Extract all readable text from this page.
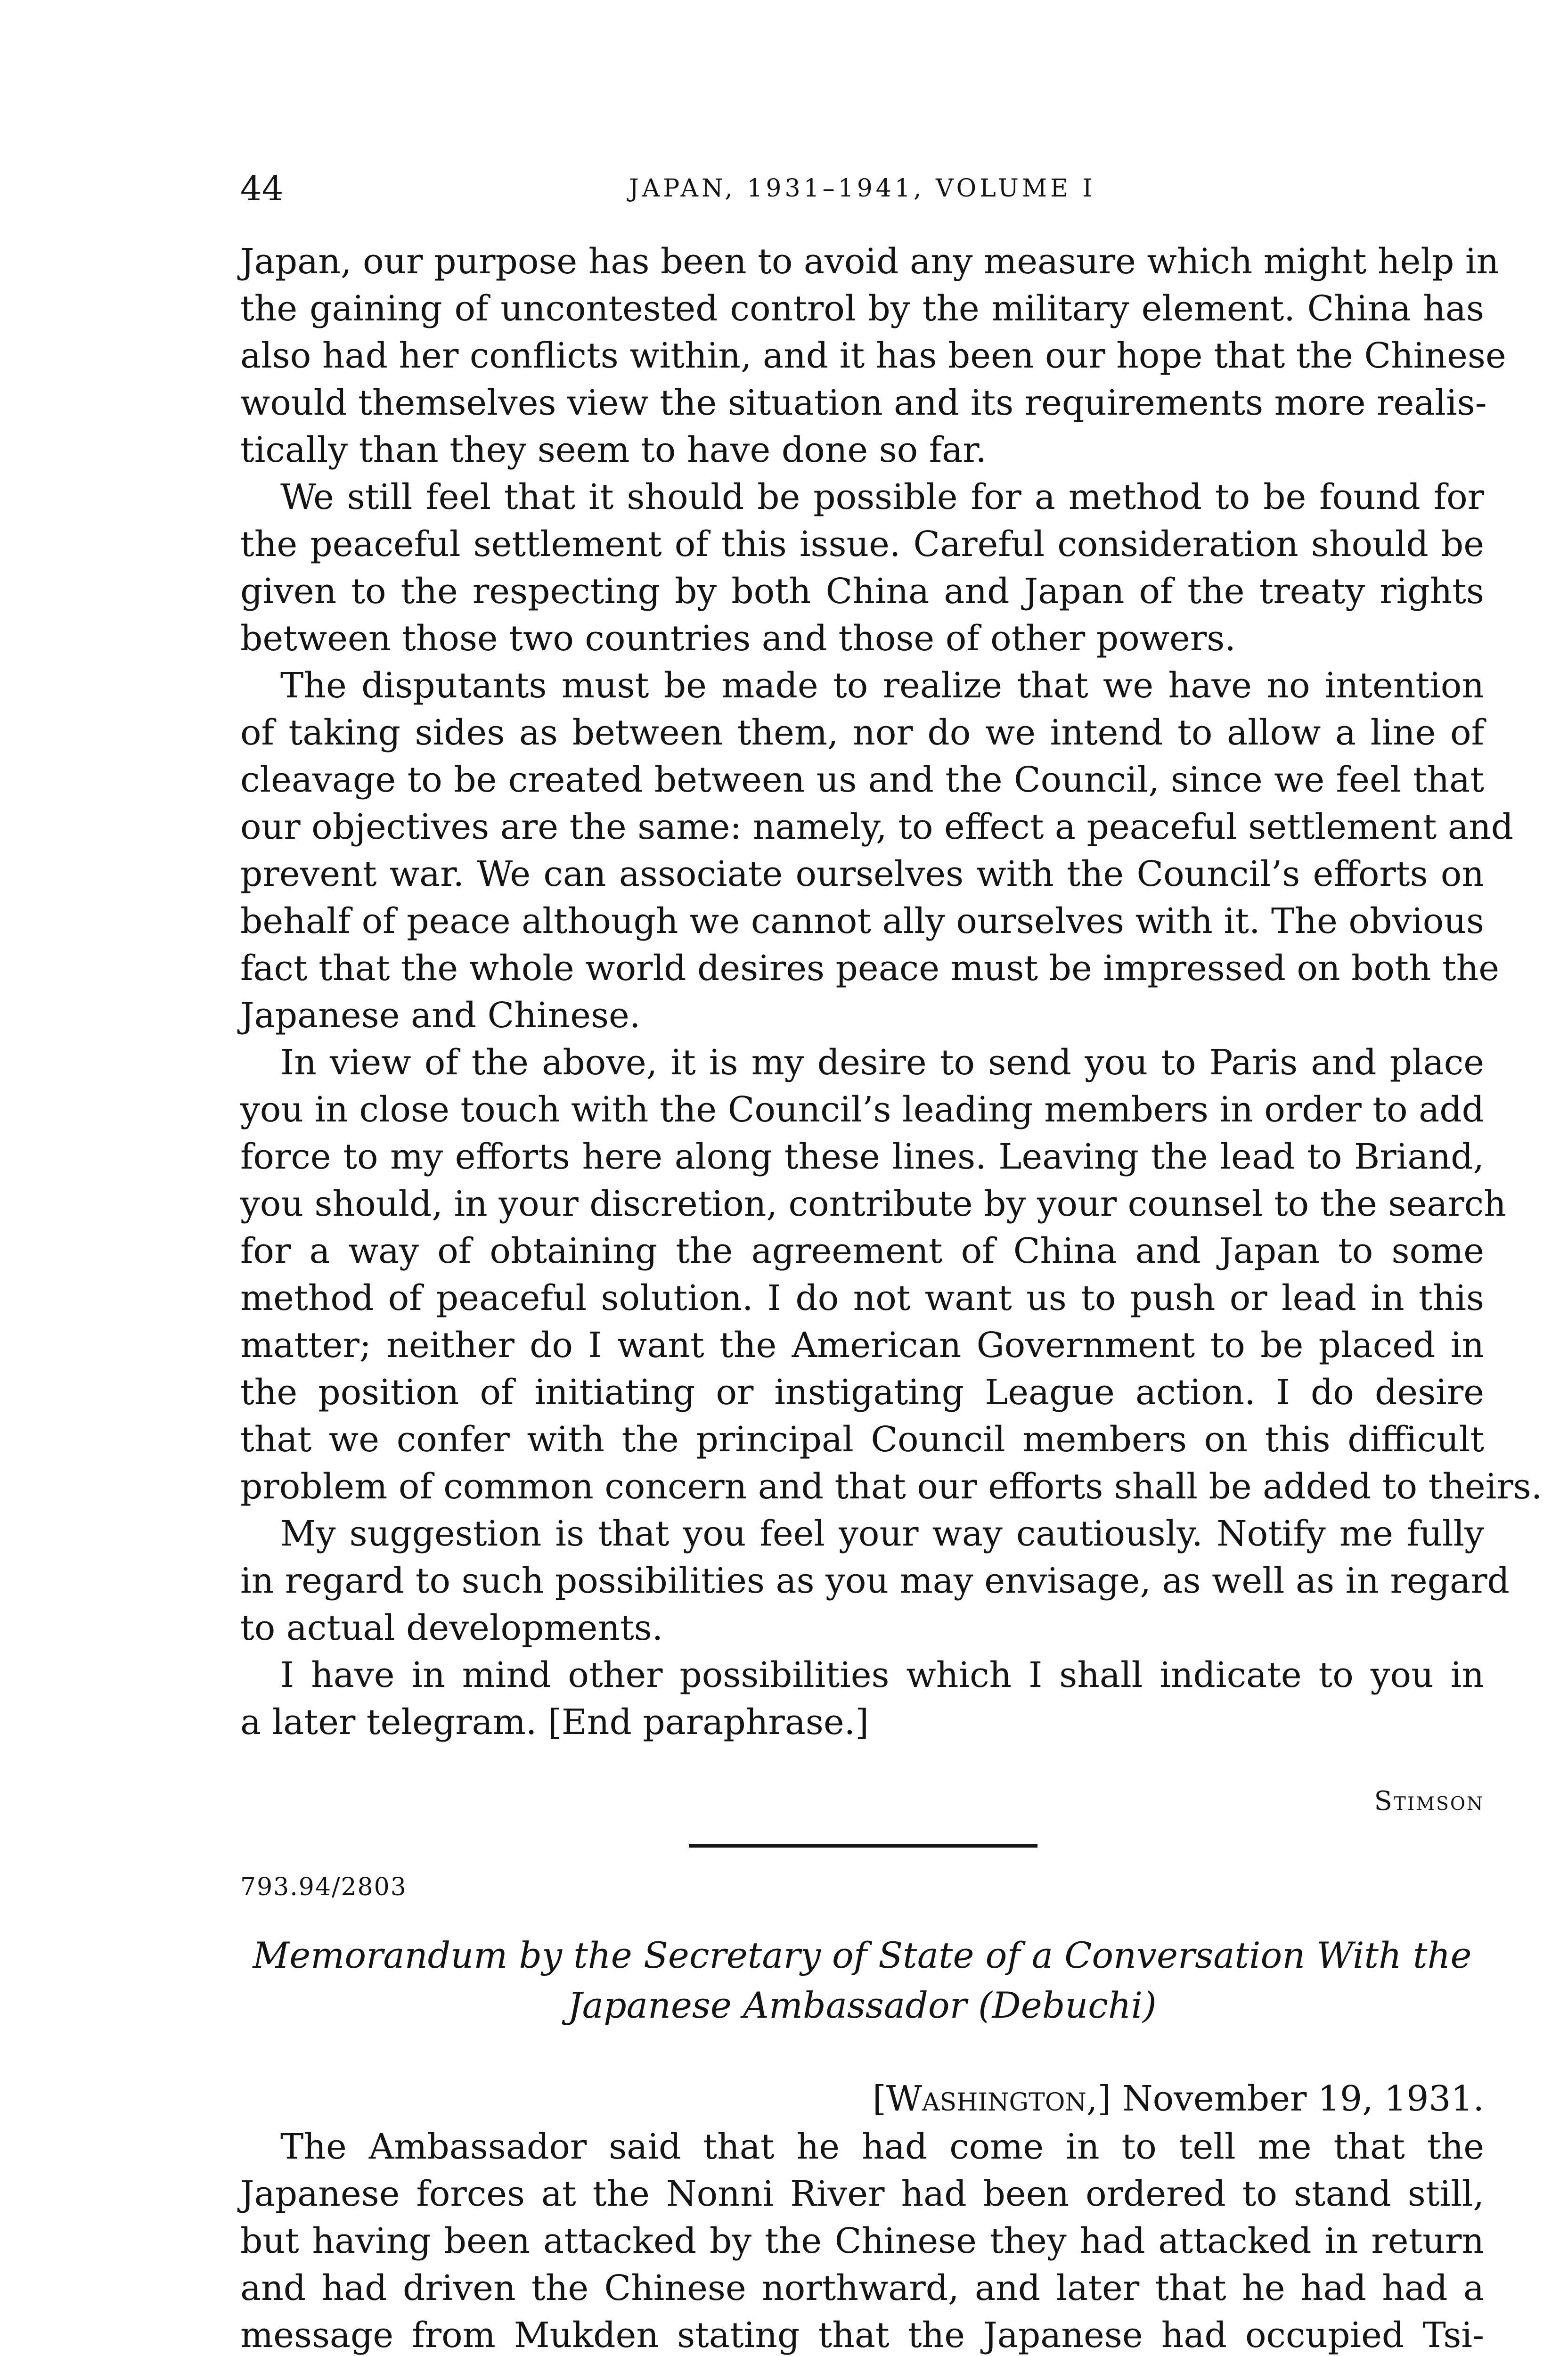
44	JAPAN, 1931–1941, VOLUME I
Japan, our purpose has been to avoid any measure which might help in
the gaining of uncontested control by the military element. China has
also had her conflicts within, and it has been our hope that the Chinese
would themselves view the situation and its requirements more realis-
tically than they seem to have done so far.
We still feel that it should be possible for a method to be found for
the peaceful settlement of this issue. Careful consideration should be
given to the respecting by both China and Japan of the treaty rights
between those two countries and those of other powers.
The disputants must be made to realize that we have no intention
of taking sides as between them, nor do we intend to allow a line of
cleavage to be created between us and the Council, since we feel that
our objectives are the same: namely, to effect a peaceful settlement and
prevent war. We can associate ourselves with the Council’s efforts on
behalf of peace although we cannot ally ourselves with it. The obvious
fact that the whole world desires peace must be impressed on both the
Japanese and Chinese.
In view of the above, it is my desire to send you to Paris and place
you in close touch with the Council’s leading members in order to add
force to my efforts here along these lines. Leaving the lead to Briand,
you should, in your discretion, contribute by your counsel to the search
for a way of obtaining the agreement of China and Japan to some
method of peaceful solution. I do not want us to push or lead in this
matter; neither do I want the American Government to be placed in
the position of initiating or instigating League action. I do desire
that we confer with the principal Council members on this difficult
problem of common concern and that our efforts shall be added to theirs.
My suggestion is that you feel your way cautiously. Notify me fully
in regard to such possibilities as you may envisage, as well as in regard
to actual developments.
I have in mind other possibilities which I shall indicate to you in
a later telegram. [End paraphrase.]
Stimson
793.94/2803
Memorandum by the Secretary of State of a Conversation With the
Japanese Ambassador (Debuchi)
[Washington,] November 19, 1931.
The Ambassador said that he had come in to tell me that the
Japanese forces at the Nonni River had been ordered to stand still,
but having been attacked by the Chinese they had attacked in return
and had driven the Chinese northward, and later that he had had a
message from Mukden stating that the Japanese had occupied Tsi-
